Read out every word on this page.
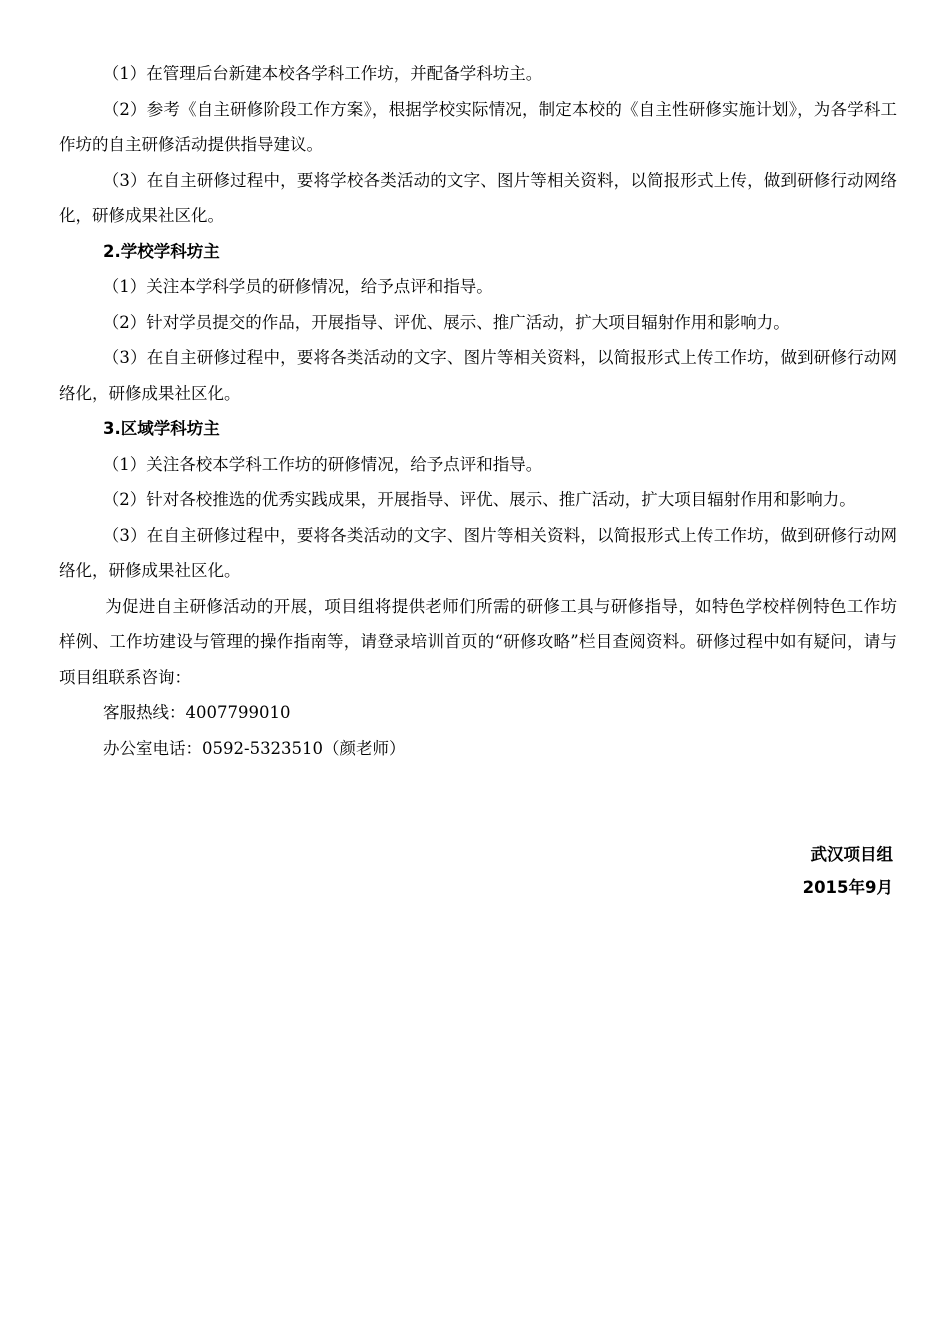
（1）在管理后台新建本校各学科工作坊，并配备学科坊主。

（2）参考《自主研修阶段工作方案》，根据学校实际情况，制定本校的《自主性研修实施计划》，为各学科工作坊的自主研修活动提供指导建议。

（3）在自主研修过程中，要将学校各类活动的文字、图片等相关资料，以简报形式上传，做到研修行动网络化，研修成果社区化。

2.学校学科坊主

（1）关注本学科学员的研修情况，给予点评和指导。

（2）针对学员提交的作品，开展指导、评优、展示、推广活动，扩大项目辐射作用和影响力。

（3）在自主研修过程中，要将各类活动的文字、图片等相关资料，以简报形式上传工作坊，做到研修行动网络化，研修成果社区化。

3.区域学科坊主

（1）关注各校本学科工作坊的研修情况，给予点评和指导。

（2）针对各校推选的优秀实践成果，开展指导、评优、展示、推广活动，扩大项目辐射作用和影响力。

（3）在自主研修过程中，要将各类活动的文字、图片等相关资料，以简报形式上传工作坊，做到研修行动网络化，研修成果社区化。

为促进自主研修活动的开展，项目组将提供老师们所需的研修工具与研修指导，如特色学校样例特色工作坊样例、工作坊建设与管理的操作指南等，请登录培训首页的“研修攻略”栏目查阅资料。研修过程中如有疑问，请与项目组联系咨询：

客服热线：4007799010

办公室电话：0592-5323510（颜老师）

武汉项目组
2015年9月
